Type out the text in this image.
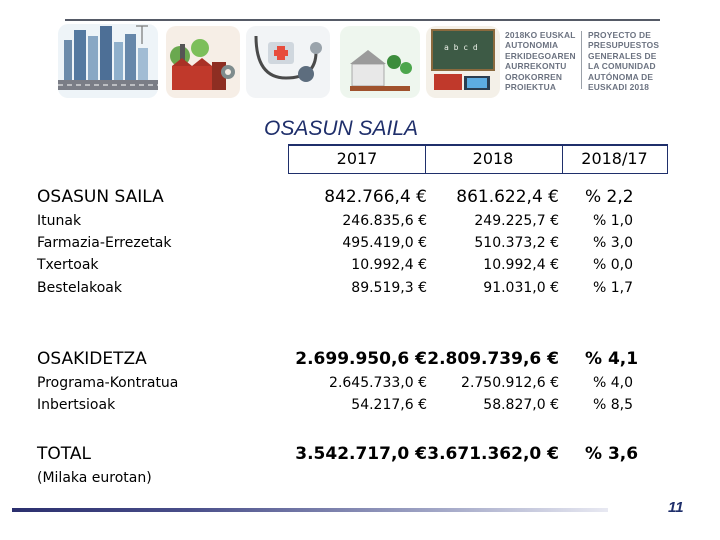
a b c d
2018KO EUSKAL
AUTONOMIA
ERKIDEGOAREN
AURREKONTU
OROKORREN
PROIEKTUA
PROYECTO DE
PRESUPUESTOS
GENERALES DE
LA COMUNIDAD
AUTÓNOMA DE
EUSKADI 2018
OSASUN SAILA
2017	2018	2018/17
OSASUN SAILA	842.766,4 € 861.622,4 € % 2,2
Itunak	246.835,6 €	249.225,7 €	% 1,0
Farmazia-Errezetak	495.419,0 €	510.373,2 €	% 3,0
Txertoak	10.992,4 €	10.992,4 €	% 0,0
Bestelakoak	89.519,3 €	91.031,0 €	% 1,7
OSAKIDETZA	2.699.950,6 € 2.809.739,6 € % 4,1
Programa-Kontratua	2.645.733,0 € 2.750.912,6 €	% 4,0
Inbertsioak	54.217,6 €	58.827,0 €	% 8,5
TOTAL	3.542.717,0 € 3.671.362,0 € % 3,6
(Milaka eurotan)
11
